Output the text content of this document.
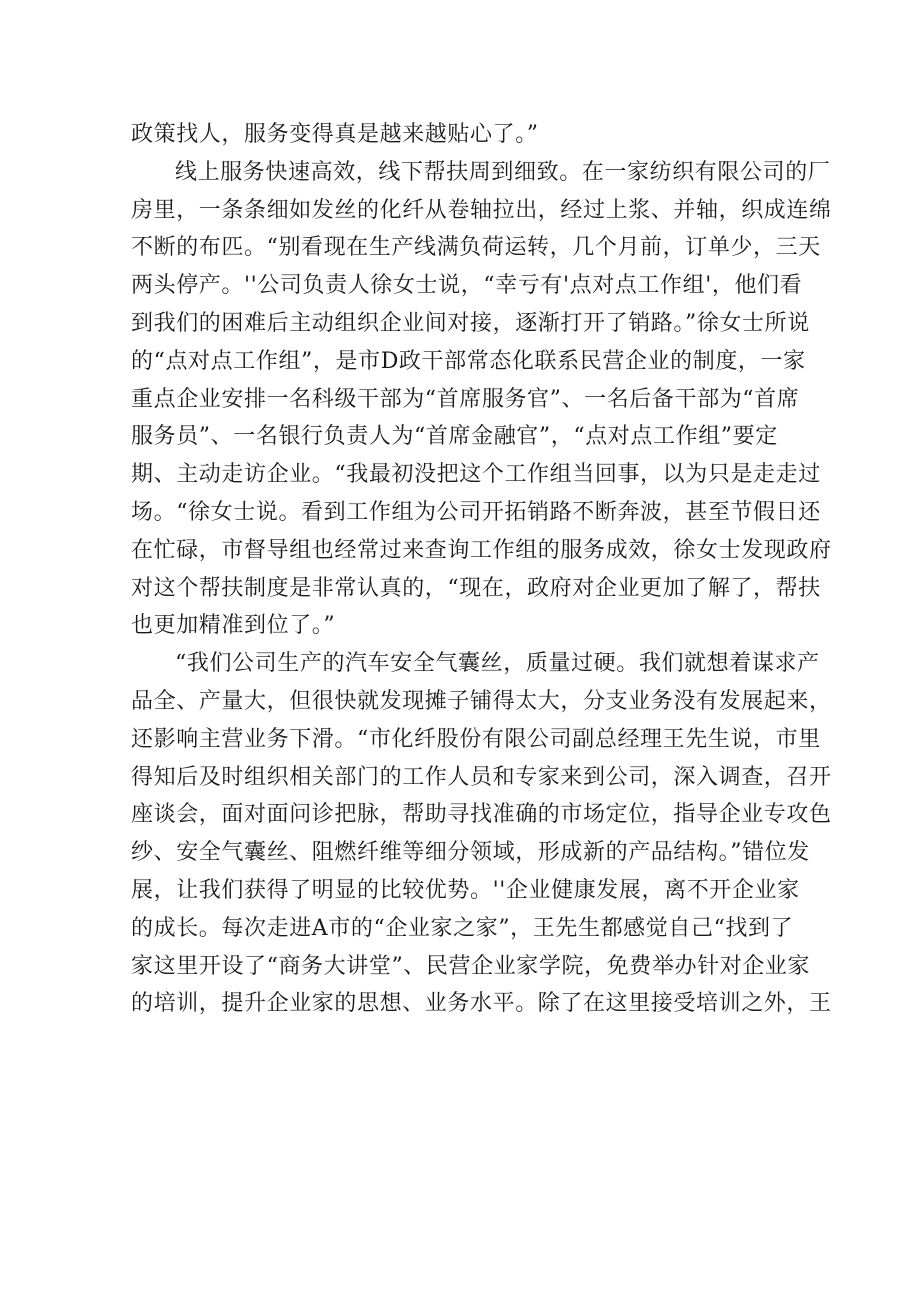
政策找人，服务变得真是越来越贴心了。”
线上服务快速高效，线下帮扶周到细致。在一家纺织有限公司的厂
房里，一条条细如发丝的化纤从卷轴拉出，经过上浆、并轴，织成连绵
不断的布匹。“别看现在生产线满负荷运转，几个月前，订单少，三天
两头停产。''公司负责人徐女士说，“幸亏有'点对点工作组'，他们看
到我们的困难后主动组织企业间对接，逐渐打开了销路。”徐女士所说
的“点对点工作组”，是市D政干部常态化联系民营企业的制度，一家
重点企业安排一名科级干部为“首席服务官”、一名后备干部为“首席
服务员”、一名银行负责人为“首席金融官”，“点对点工作组”要定
期、主动走访企业。“我最初没把这个工作组当回事，以为只是走走过
场。“徐女士说。看到工作组为公司开拓销路不断奔波，甚至节假日还
在忙碌，市督导组也经常过来查询工作组的服务成效，徐女士发现政府
对这个帮扶制度是非常认真的，“现在，政府对企业更加了解了，帮扶
也更加精准到位了。”
“我们公司生产的汽车安全气囊丝，质量过硬。我们就想着谋求产
品全、产量大，但很快就发现摊子铺得太大，分支业务没有发展起来，
还影响主营业务下滑。“市化纤股份有限公司副总经理王先生说，市里
得知后及时组织相关部门的工作人员和专家来到公司，深入调查，召开
座谈会，面对面问诊把脉，帮助寻找准确的市场定位，指导企业专攻色
纱、安全气囊丝、阻燃纤维等细分领域，形成新的产品结构。”错位发
展，让我们获得了明显的比较优势。''企业健康发展，离不开企业家
的成长。每次走进A市的“企业家之家”，王先生都感觉自己“找到了
家这里开设了“商务大讲堂”、民营企业家学院，免费举办针对企业家
的培训，提升企业家的思想、业务水平。除了在这里接受培训之外，王
